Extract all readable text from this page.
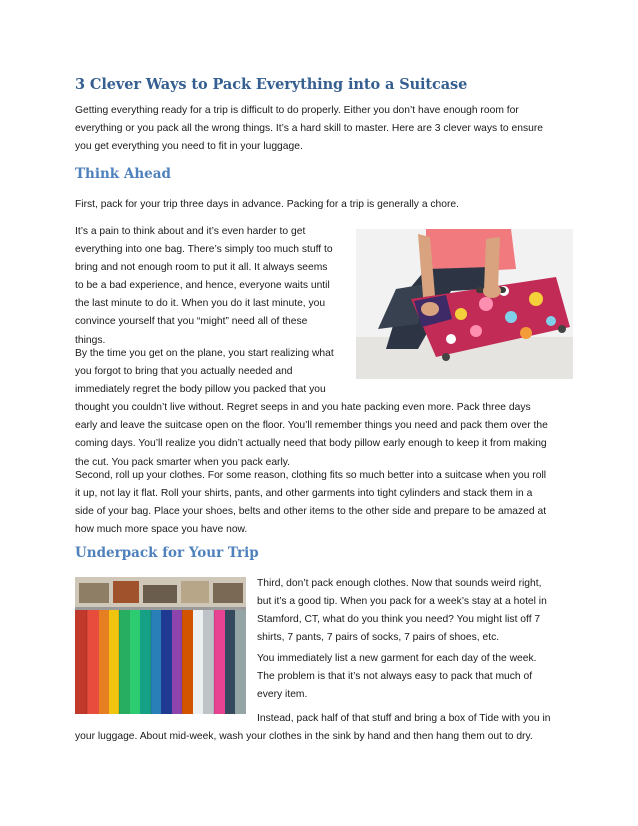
3 Clever Ways to Pack Everything into a Suitcase
Getting everything ready for a trip is difficult to do properly. Either you don’t have enough room for
everything or you pack all the wrong things. It’s a hard skill to master. Here are 3 clever ways to ensure
you get everything you need to fit in your luggage.
Think Ahead
First, pack for your trip three days in advance. Packing for a trip is generally a chore.
It’s a pain to think about and it’s even harder to get
everything into one bag. There’s simply too much stuff to
bring and not enough room to put it all. It always seems
to be a bad experience, and hence, everyone waits until
the last minute to do it. When you do it last minute, you
convince yourself that you “might” need all of these
things.
By the time you get on the plane, you start realizing what
you forgot to bring that you actually needed and
immediately regret the body pillow you packed that you
thought you couldn’t live without. Regret seeps in and you hate packing even more. Pack three days
early and leave the suitcase open on the floor. You’ll remember things you need and pack them over the
coming days. You’ll realize you didn’t actually need that body pillow early enough to keep it from making
the cut. You pack smarter when you pack early.
Second, roll up your clothes. For some reason, clothing fits so much better into a suitcase when you roll
it up, not lay it flat. Roll your shirts, pants, and other garments into tight cylinders and stack them in a
side of your bag. Place your shoes, belts and other items to the other side and prepare to be amazed at
how much more space you have now.
Underpack for Your Trip
Third, don’t pack enough clothes. Now that sounds weird right,
but it’s a good tip. When you pack for a week’s stay at a hotel in
Stamford, CT, what do you think you need? You might list off 7
shirts, 7 pants, 7 pairs of socks, 7 pairs of shoes, etc.
You immediately list a new garment for each day of the week.
The problem is that it’s not always easy to pack that much of
every item.
Instead, pack half of that stuff and bring a box of Tide with you in
your luggage. About mid-week, wash your clothes in the sink by hand and then hang them out to dry.
